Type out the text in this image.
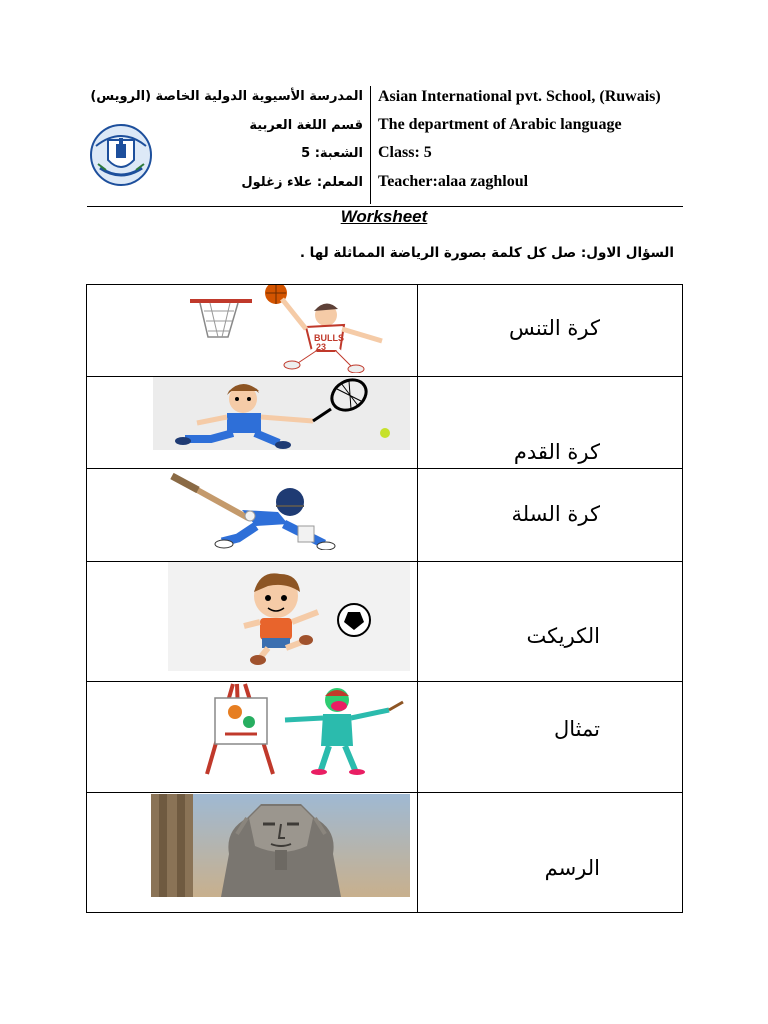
المدرسة الأسيوية الدولية الخاصة (الرويس)
قسم اللغة العربية
الشعبة: 5
المعلم: علاء زغلول
Asian International pvt. School, (Ruwais)
The department of Arabic language
Class: 5
Teacher:alaa zaghloul
Worksheet
السؤال الاول: صل كل كلمة بصورة الرياضة المماثلة لها .
BULLS
23
كرة التنس
كرة القدم
كرة السلة
الكريكت
تمثال
الرسم
